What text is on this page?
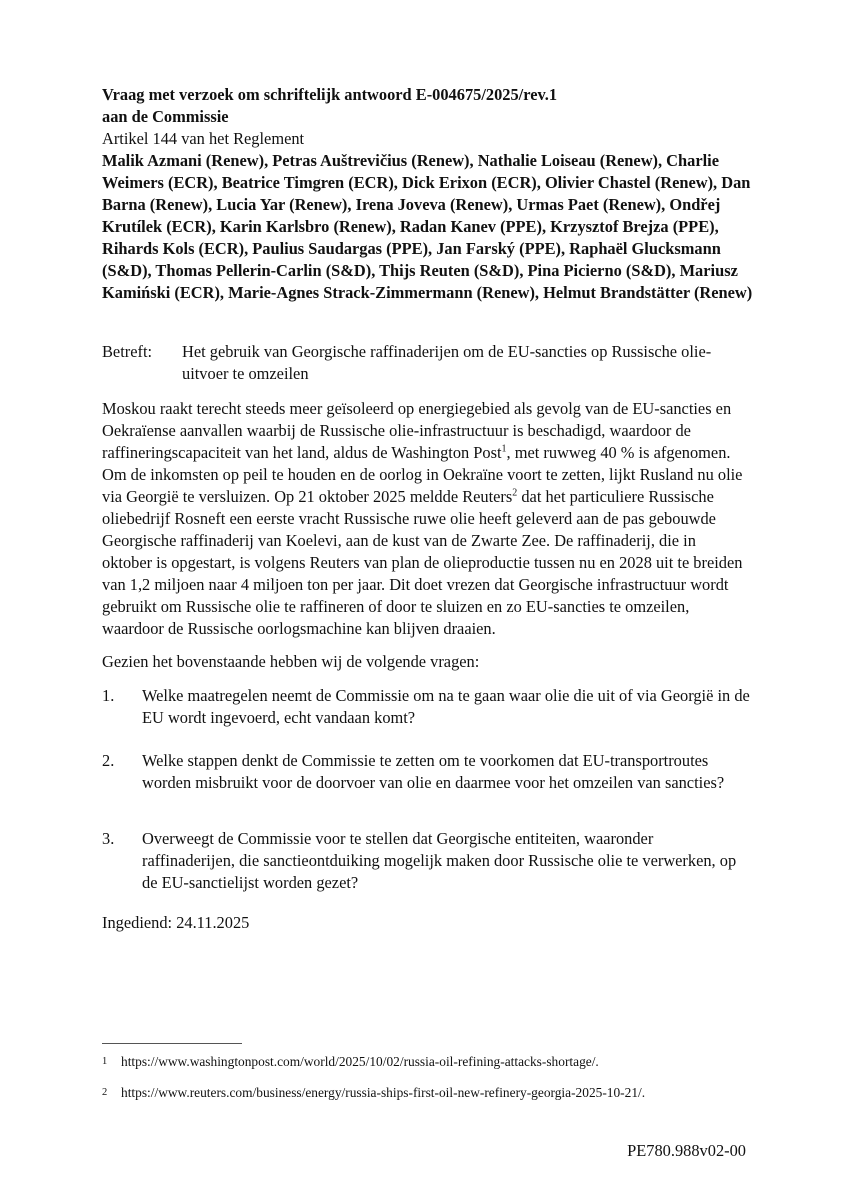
Vraag met verzoek om schriftelijk antwoord E-004675/2025/rev.1
aan de Commissie
Artikel 144 van het Reglement
Malik Azmani (Renew), Petras Auštrevičius (Renew), Nathalie Loiseau (Renew), Charlie Weimers (ECR), Beatrice Timgren (ECR), Dick Erixon (ECR), Olivier Chastel (Renew), Dan Barna (Renew), Lucia Yar (Renew), Irena Joveva (Renew), Urmas Paet (Renew), Ondřej Krutílek (ECR), Karin Karlsbro (Renew), Radan Kanev (PPE), Krzysztof Brejza (PPE), Rihards Kols (ECR), Paulius Saudargas (PPE), Jan Farský (PPE), Raphaël Glucksmann (S&D), Thomas Pellerin-Carlin (S&D), Thijs Reuten (S&D), Pina Picierno (S&D), Mariusz Kamiński (ECR), Marie-Agnes Strack-Zimmermann (Renew), Helmut Brandstätter (Renew)
Betreft: Het gebruik van Georgische raffinaderijen om de EU-sancties op Russische olie-uitvoer te omzeilen
Moskou raakt terecht steeds meer geïsoleerd op energiegebied als gevolg van de EU-sancties en Oekraïense aanvallen waarbij de Russische olie-infrastructuur is beschadigd, waardoor de raffineringscapaciteit van het land, aldus de Washington Post$^1$, met ruwweg 40 % is afgenomen. Om de inkomsten op peil te houden en de oorlog in Oekraïne voort te zetten, lijkt Rusland nu olie via Georgië te versluizen. Op 21 oktober 2025 meldde Reuters$^2$ dat het particuliere Russische oliebedrijf Rosneft een eerste vracht Russische ruwe olie heeft geleverd aan de pas gebouwde Georgische raffinaderij van Koelevi, aan de kust van de Zwarte Zee. De raffinaderij, die in oktober is opgestart, is volgens Reuters van plan de olieproductie tussen nu en 2028 uit te breiden van 1,2 miljoen naar 4 miljoen ton per jaar. Dit doet vrezen dat Georgische infrastructuur wordt gebruikt om Russische olie te raffineren of door te sluizen en zo EU-sancties te omzeilen, waardoor de Russische oorlogsmachine kan blijven draaien.
Gezien het bovenstaande hebben wij de volgende vragen:
1. Welke maatregelen neemt de Commissie om na te gaan waar olie die uit of via Georgië in de EU wordt ingevoerd, echt vandaan komt?
2. Welke stappen denkt de Commissie te zetten om te voorkomen dat EU-transportroutes worden misbruikt voor de doorvoer van olie en daarmee voor het omzeilen van sancties?
3. Overweegt de Commissie voor te stellen dat Georgische entiteiten, waaronder raffinaderijen, die sanctieontduiking mogelijk maken door Russische olie te verwerken, op de EU-sanctielijst worden gezet?
Ingediend: 24.11.2025
1 https://www.washingtonpost.com/world/2025/10/02/russia-oil-refining-attacks-shortage/.
2 https://www.reuters.com/business/energy/russia-ships-first-oil-new-refinery-georgia-2025-10-21/.
PE780.988v02-00
